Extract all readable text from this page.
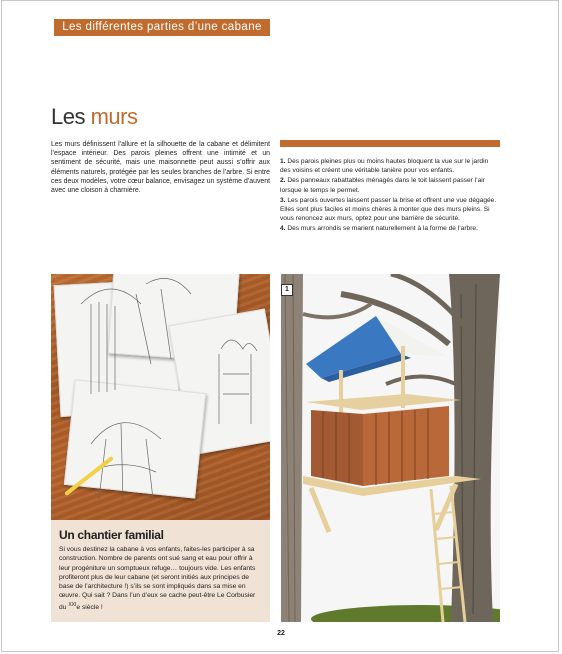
Les différentes parties d’une cabane
Les murs
Les murs définissent l’allure et la silhouette de la cabane et délimitent l’espace intérieur. Des parois pleines offrent une intimité et un sentiment de sécurité, mais une maisonnette peut aussi s’offrir aux éléments naturels, protégée par les seules branches de l’arbre. Si entre ces deux modèles, votre cœur balance, envisagez un système d’auvent avec une cloison à charnière.

1. Des parois pleines plus ou moins hautes bloquent la vue sur le jardin des voisins et créent une véritable tanière pour vos enfants.

2. Des panneaux rabattables ménagés dans le toit laissent passer l’air lorsque le temps le permet.

3. Les parois ouvertes laissent passer la brise et offrent une vue dégagée. Elles sont plus faciles et moins chères à monter que des murs pleins. Si vous renoncez aux murs, optez pour une barrière de sécurité.

4. Des murs arrondis se marient naturellement à la forme de l’arbre.

Un chantier familial
Si vous destinez la cabane à vos enfants, faites-les participer à sa construction. Nombre de parents ont sué sang et eau pour offrir à leur progéniture un somptueux refuge… toujours vide. Les enfants profiteront plus de leur cabane (et seront initiés aux principes de base de l’architecture !) s’ils se sont impliqués dans sa mise en œuvre. Qui sait ? Dans l’un d’eux se cache peut-être Le Corbusier du $^{XXI}$e siècle !
1
22
